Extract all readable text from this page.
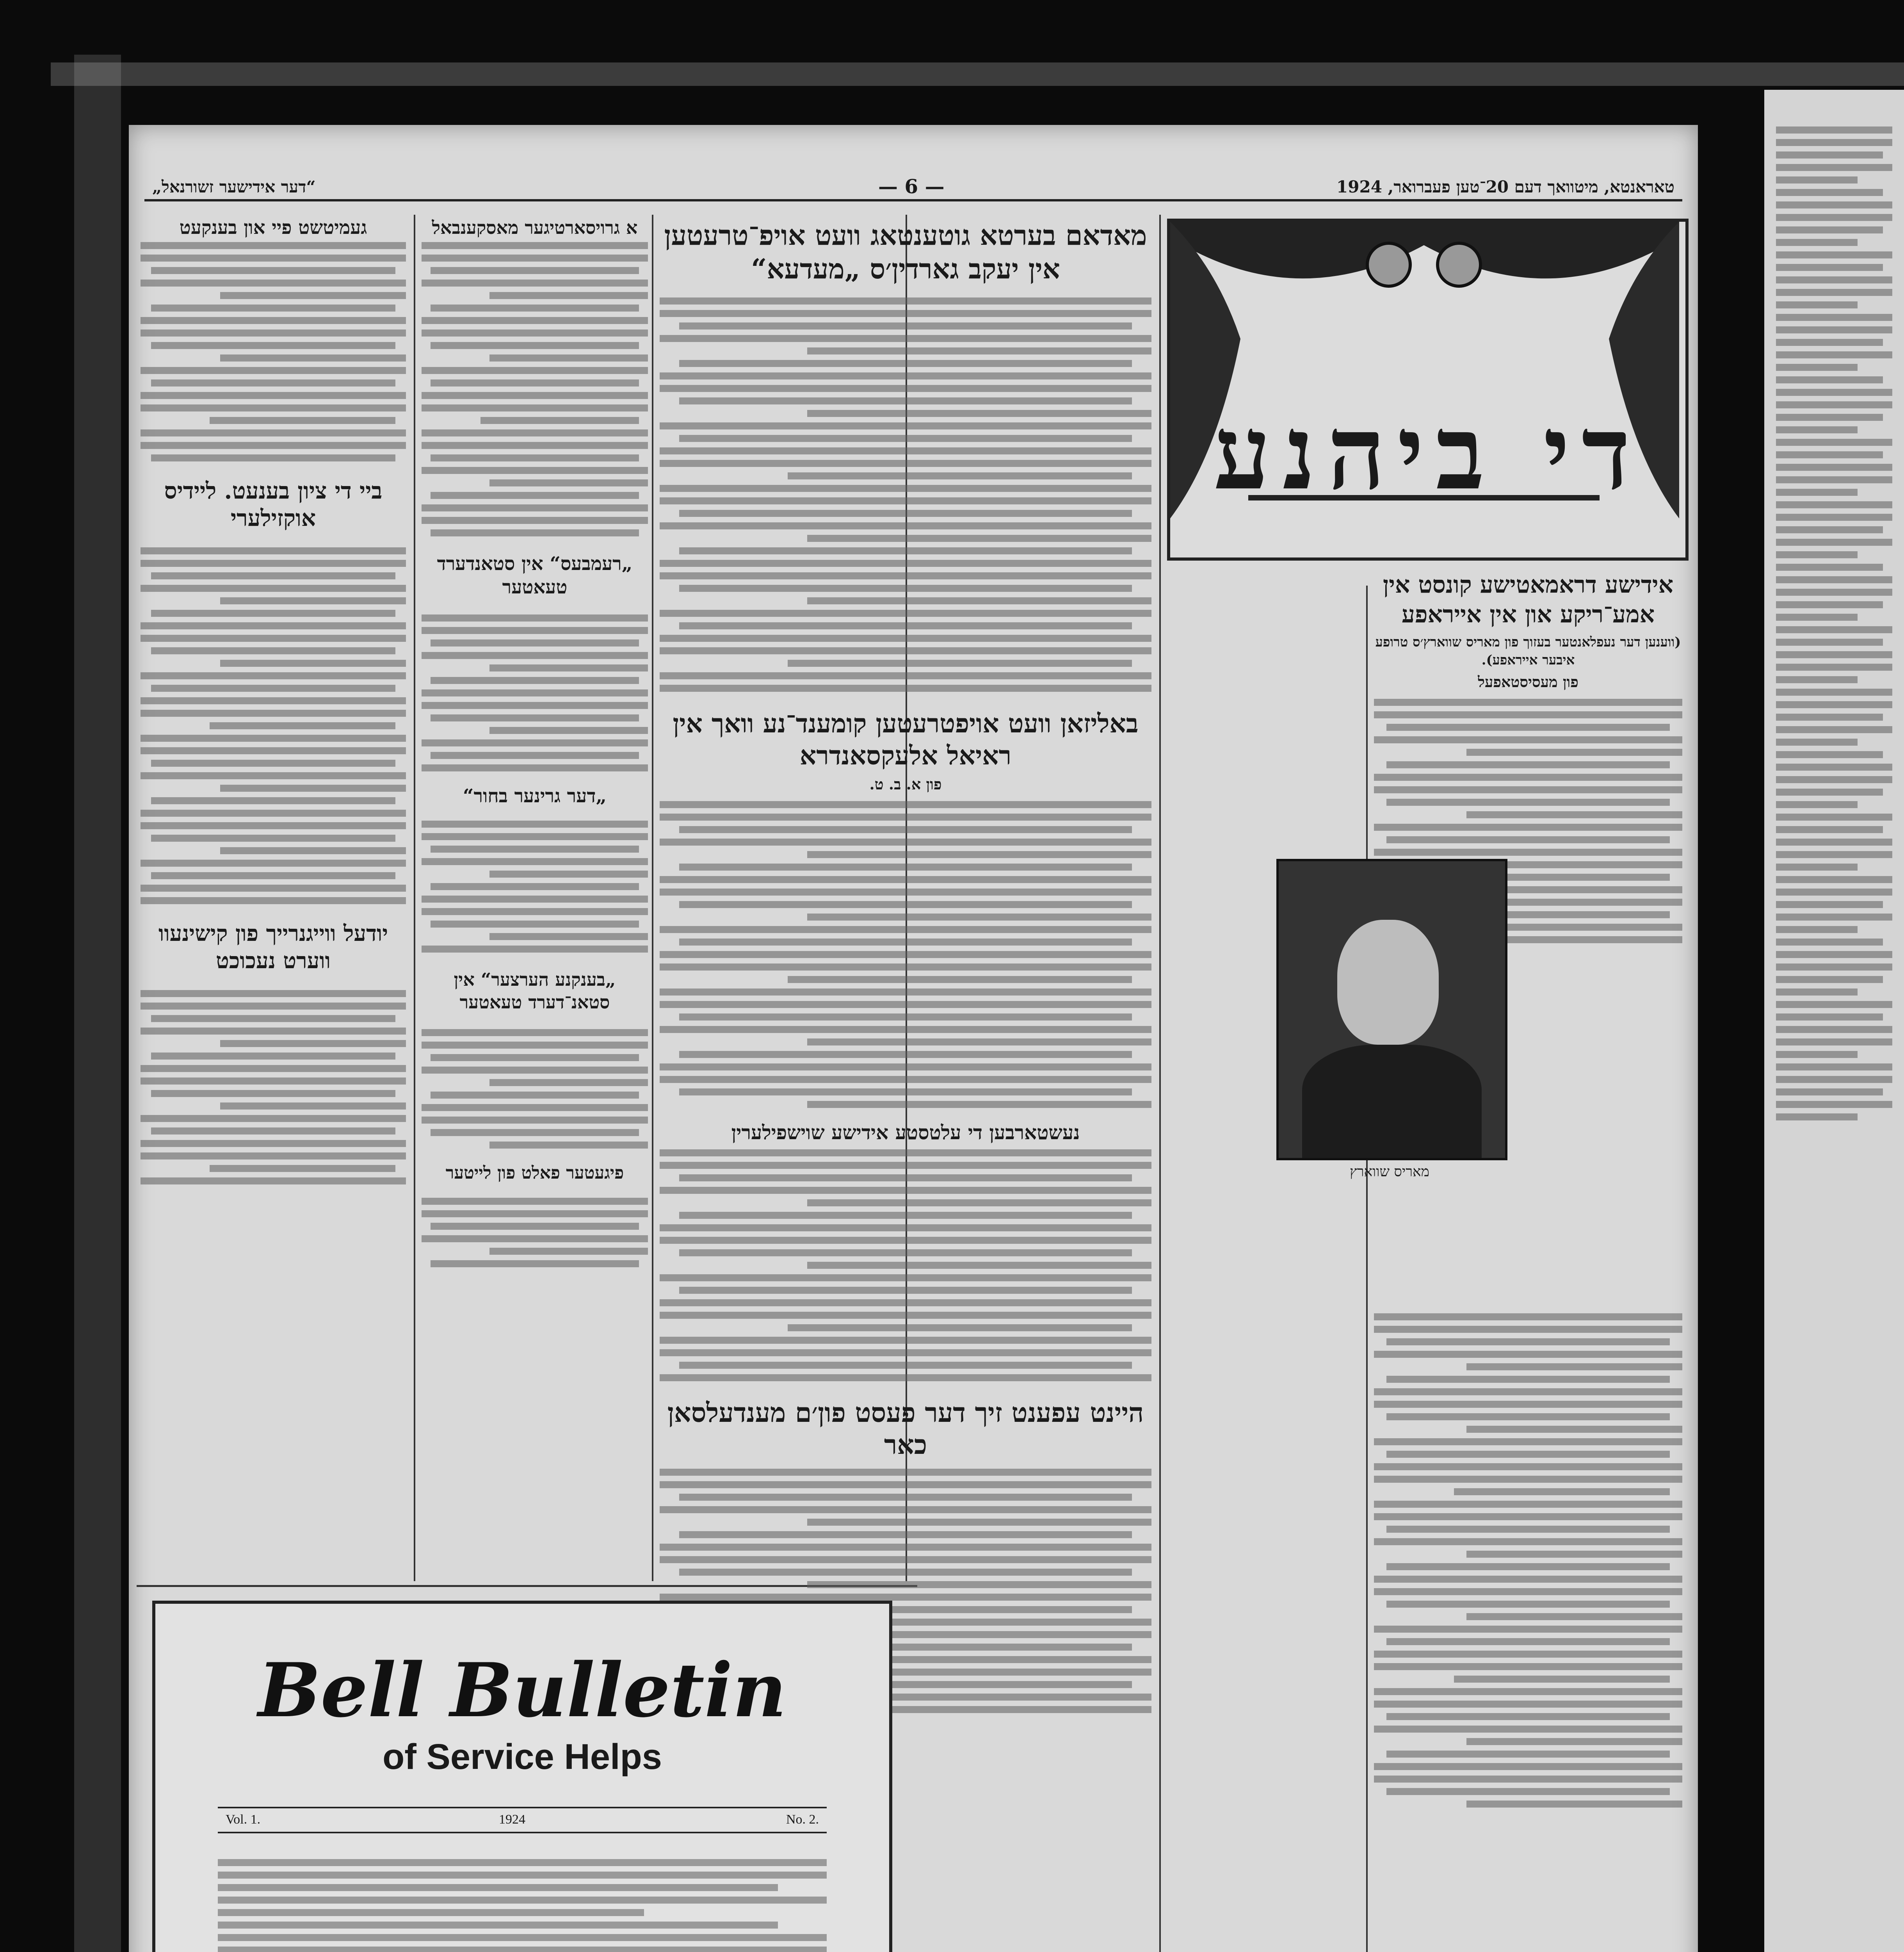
„דער אידישער זשורנאל“	— 6 —	טאראנטא, מיטוואך דעם 20־טען פעברואר, 1924
געמיטשט פיי און בענקעט
ביי די ציון בענעט. ליידיס אוקזילערי
יודעל ווייגנרייך פון קישינעוו ווערט נעכוכט
א גרויסארטיגער מאסקענבאל
„רעמבעס“ אין סטאנדערד טעאטער
„דער גרינער בחור“
„בענקנע הערצער“ אין סטאנ־דערד טעאטער
פיגעטער פאלט פון לייטער
מאדאם בערטא גוטענטאג וועט אויפ־טרעטען אין יעקב גארדין׳ס „מעדעא“
באליזאן וועט אויפטרעטען קומענד־נע וואך אין ראיאל אלעקסאנדרא
פון א. ב. ט.
נעשטארבען די עלטסטע אידישע שוישפילערין
היינט עפענט זיך דער פעסט פון׳ם מענדעלסאן כאר
די ביהנע
אידישע דראמאטישע קונסט אין אמע־ריקע און אין אייראפע
(ווענען דער נעפלאנטער בעזוך פון מאריס שווארץ׳ס טרופע איבער אייראפע).
פון מעסיסטאפעל
מאריס שווארץ
Bell Bulletin
of Service Helps
Vol. 1.	1924	No. 2.
